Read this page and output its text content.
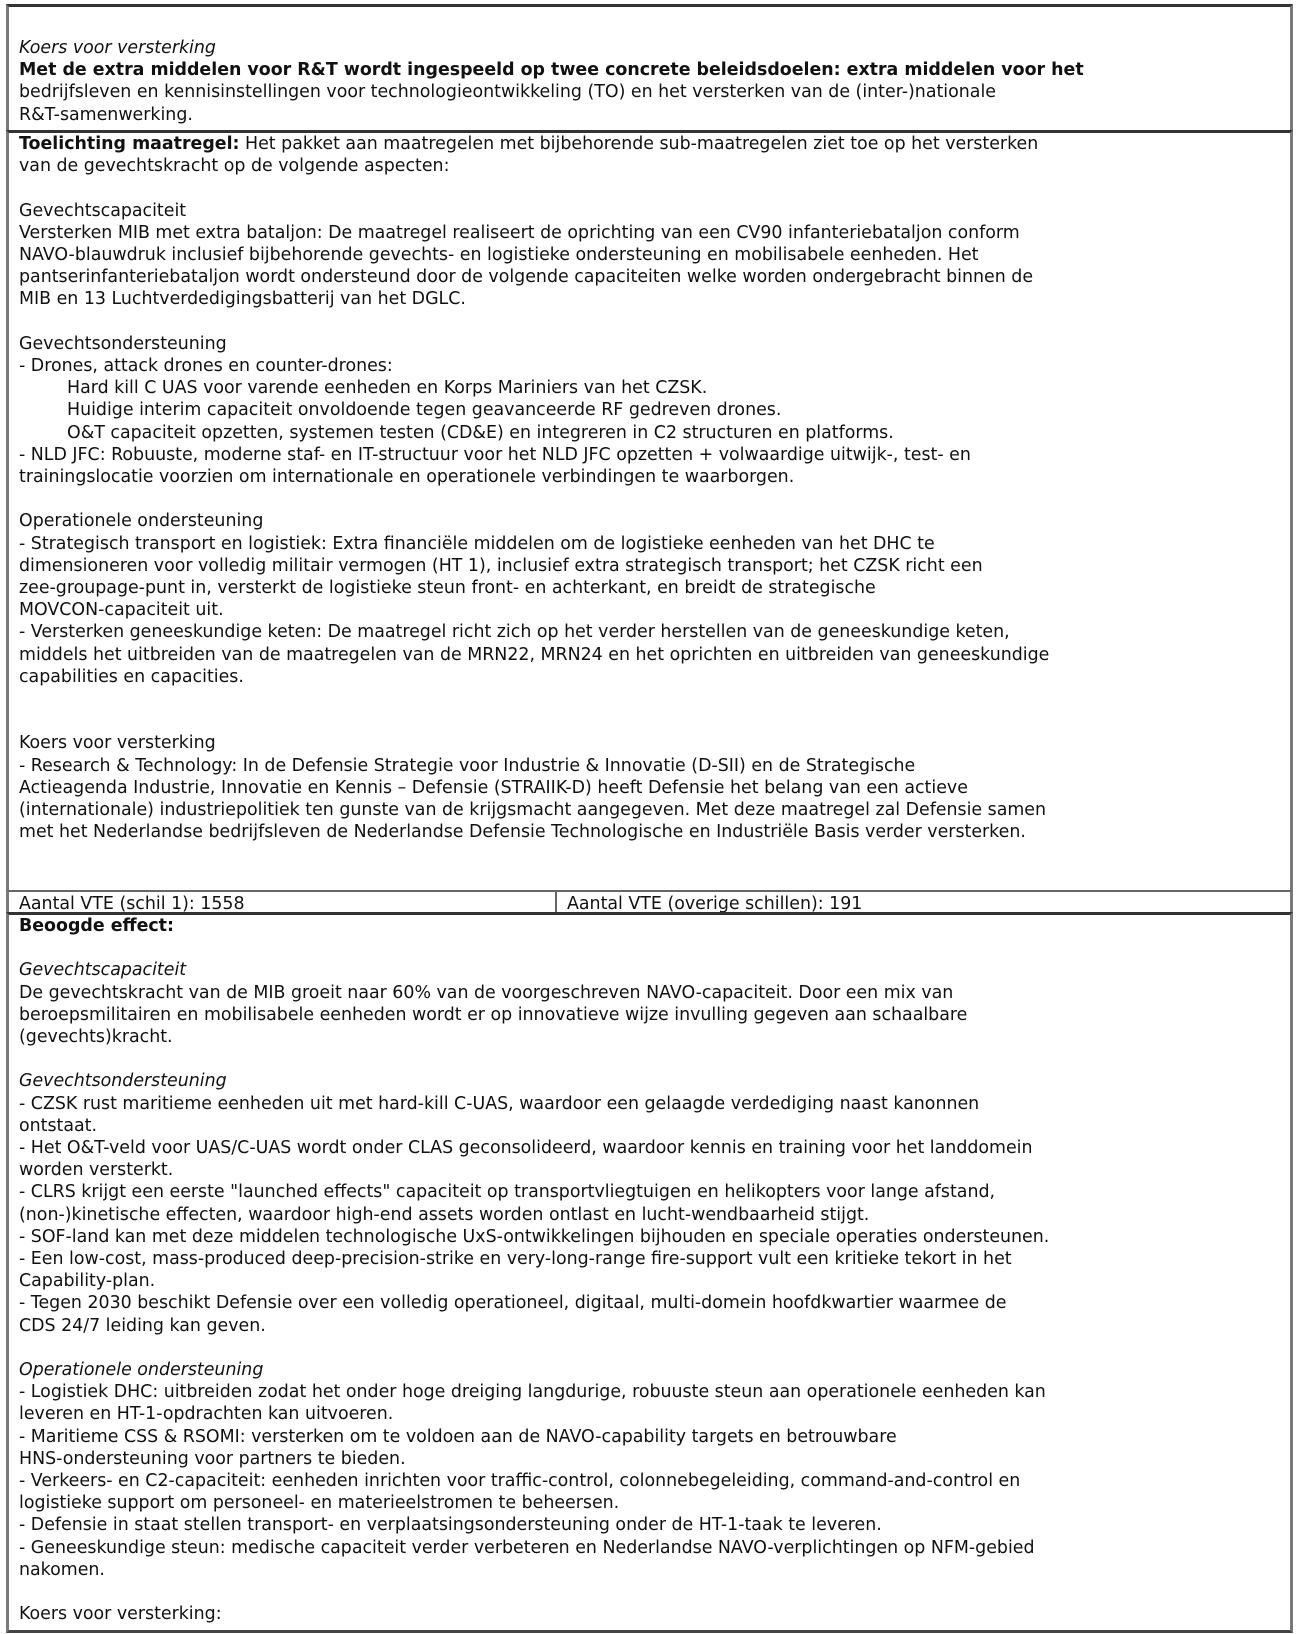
Koers voor versterking
Met de extra middelen voor R&T wordt ingespeeld op twee concrete beleidsdoelen: extra middelen voor het
bedrijfsleven en kennisinstellingen voor technologieontwikkeling (TO) en het versterken van de (inter-)nationale
R&T-samenwerking.
Toelichting maatregel: Het pakket aan maatregelen met bijbehorende sub-maatregelen ziet toe op het versterken
van de gevechtskracht op de volgende aspecten:
Gevechtscapaciteit
Versterken MIB met extra bataljon: De maatregel realiseert de oprichting van een CV90 infanteriebataljon conform
NAVO-blauwdruk inclusief bijbehorende gevechts- en logistieke ondersteuning en mobilisabele eenheden. Het
pantserinfanteriebataljon wordt ondersteund door de volgende capaciteiten welke worden ondergebracht binnen de
MIB en 13 Luchtverdedigingsbatterij van het DGLC.
Gevechtsondersteuning
- Drones, attack drones en counter-drones:
Hard kill C UAS voor varende eenheden en Korps Mariniers van het CZSK.
Huidige interim capaciteit onvoldoende tegen geavanceerde RF gedreven drones.
O&T capaciteit opzetten, systemen testen (CD&E) en integreren in C2 structuren en platforms.
- NLD JFC: Robuuste, moderne staf- en IT-structuur voor het NLD JFC opzetten + volwaardige uitwijk-, test- en
trainingslocatie voorzien om internationale en operationele verbindingen te waarborgen.
Operationele ondersteuning
- Strategisch transport en logistiek: Extra financiële middelen om de logistieke eenheden van het DHC te
dimensioneren voor volledig militair vermogen (HT 1), inclusief extra strategisch transport; het CZSK richt een
zee-groupage-punt in, versterkt de logistieke steun front- en achterkant, en breidt de strategische
MOVCON-capaciteit uit.
- Versterken geneeskundige keten: De maatregel richt zich op het verder herstellen van de geneeskundige keten,
middels het uitbreiden van de maatregelen van de MRN22, MRN24 en het oprichten en uitbreiden van geneeskundige
capabilities en capacities.
Koers voor versterking
- Research & Technology: In de Defensie Strategie voor Industrie & Innovatie (D-SII) en de Strategische
Actieagenda Industrie, Innovatie en Kennis – Defensie (STRAIIK-D) heeft Defensie het belang van een actieve
(internationale) industriepolitiek ten gunste van de krijgsmacht aangegeven. Met deze maatregel zal Defensie samen
met het Nederlandse bedrijfsleven de Nederlandse Defensie Technologische en Industriële Basis verder versterken.
Aantal VTE (schil 1): 1558	Aantal VTE (overige schillen): 191
Beoogde effect:
Gevechtscapaciteit
De gevechtskracht van de MIB groeit naar 60% van de voorgeschreven NAVO-capaciteit. Door een mix van
beroepsmilitairen en mobilisabele eenheden wordt er op innovatieve wijze invulling gegeven aan schaalbare
(gevechts)kracht.
Gevechtsondersteuning
- CZSK rust maritieme eenheden uit met hard-kill C-UAS, waardoor een gelaagde verdediging naast kanonnen
ontstaat.
- Het O&T-veld voor UAS/C-UAS wordt onder CLAS geconsolideerd, waardoor kennis en training voor het landdomein
worden versterkt.
- CLRS krijgt een eerste "launched effects" capaciteit op transportvliegtuigen en helikopters voor lange afstand,
(non-)kinetische effecten, waardoor high-end assets worden ontlast en lucht-wendbaarheid stijgt.
- SOF-land kan met deze middelen technologische UxS-ontwikkelingen bijhouden en speciale operaties ondersteunen.
- Een low-cost, mass-produced deep-precision-strike en very-long-range fire-support vult een kritieke tekort in het
Capability-plan.
- Tegen 2030 beschikt Defensie over een volledig operationeel, digitaal, multi-domein hoofdkwartier waarmee de
CDS 24/7 leiding kan geven.
Operationele ondersteuning
- Logistiek DHC: uitbreiden zodat het onder hoge dreiging langdurige, robuuste steun aan operationele eenheden kan
leveren en HT-1-opdrachten kan uitvoeren.
- Maritieme CSS & RSOMI: versterken om te voldoen aan de NAVO-capability targets en betrouwbare
HNS-ondersteuning voor partners te bieden.
- Verkeers- en C2-capaciteit: eenheden inrichten voor traffic-control, colonnebegeleiding, command-and-control en
logistieke support om personeel- en materieelstromen te beheersen.
- Defensie in staat stellen transport- en verplaatsingsondersteuning onder de HT-1-taak te leveren.
- Geneeskundige steun: medische capaciteit verder verbeteren en Nederlandse NAVO-verplichtingen op NFM-gebied
nakomen.
Koers voor versterking:
